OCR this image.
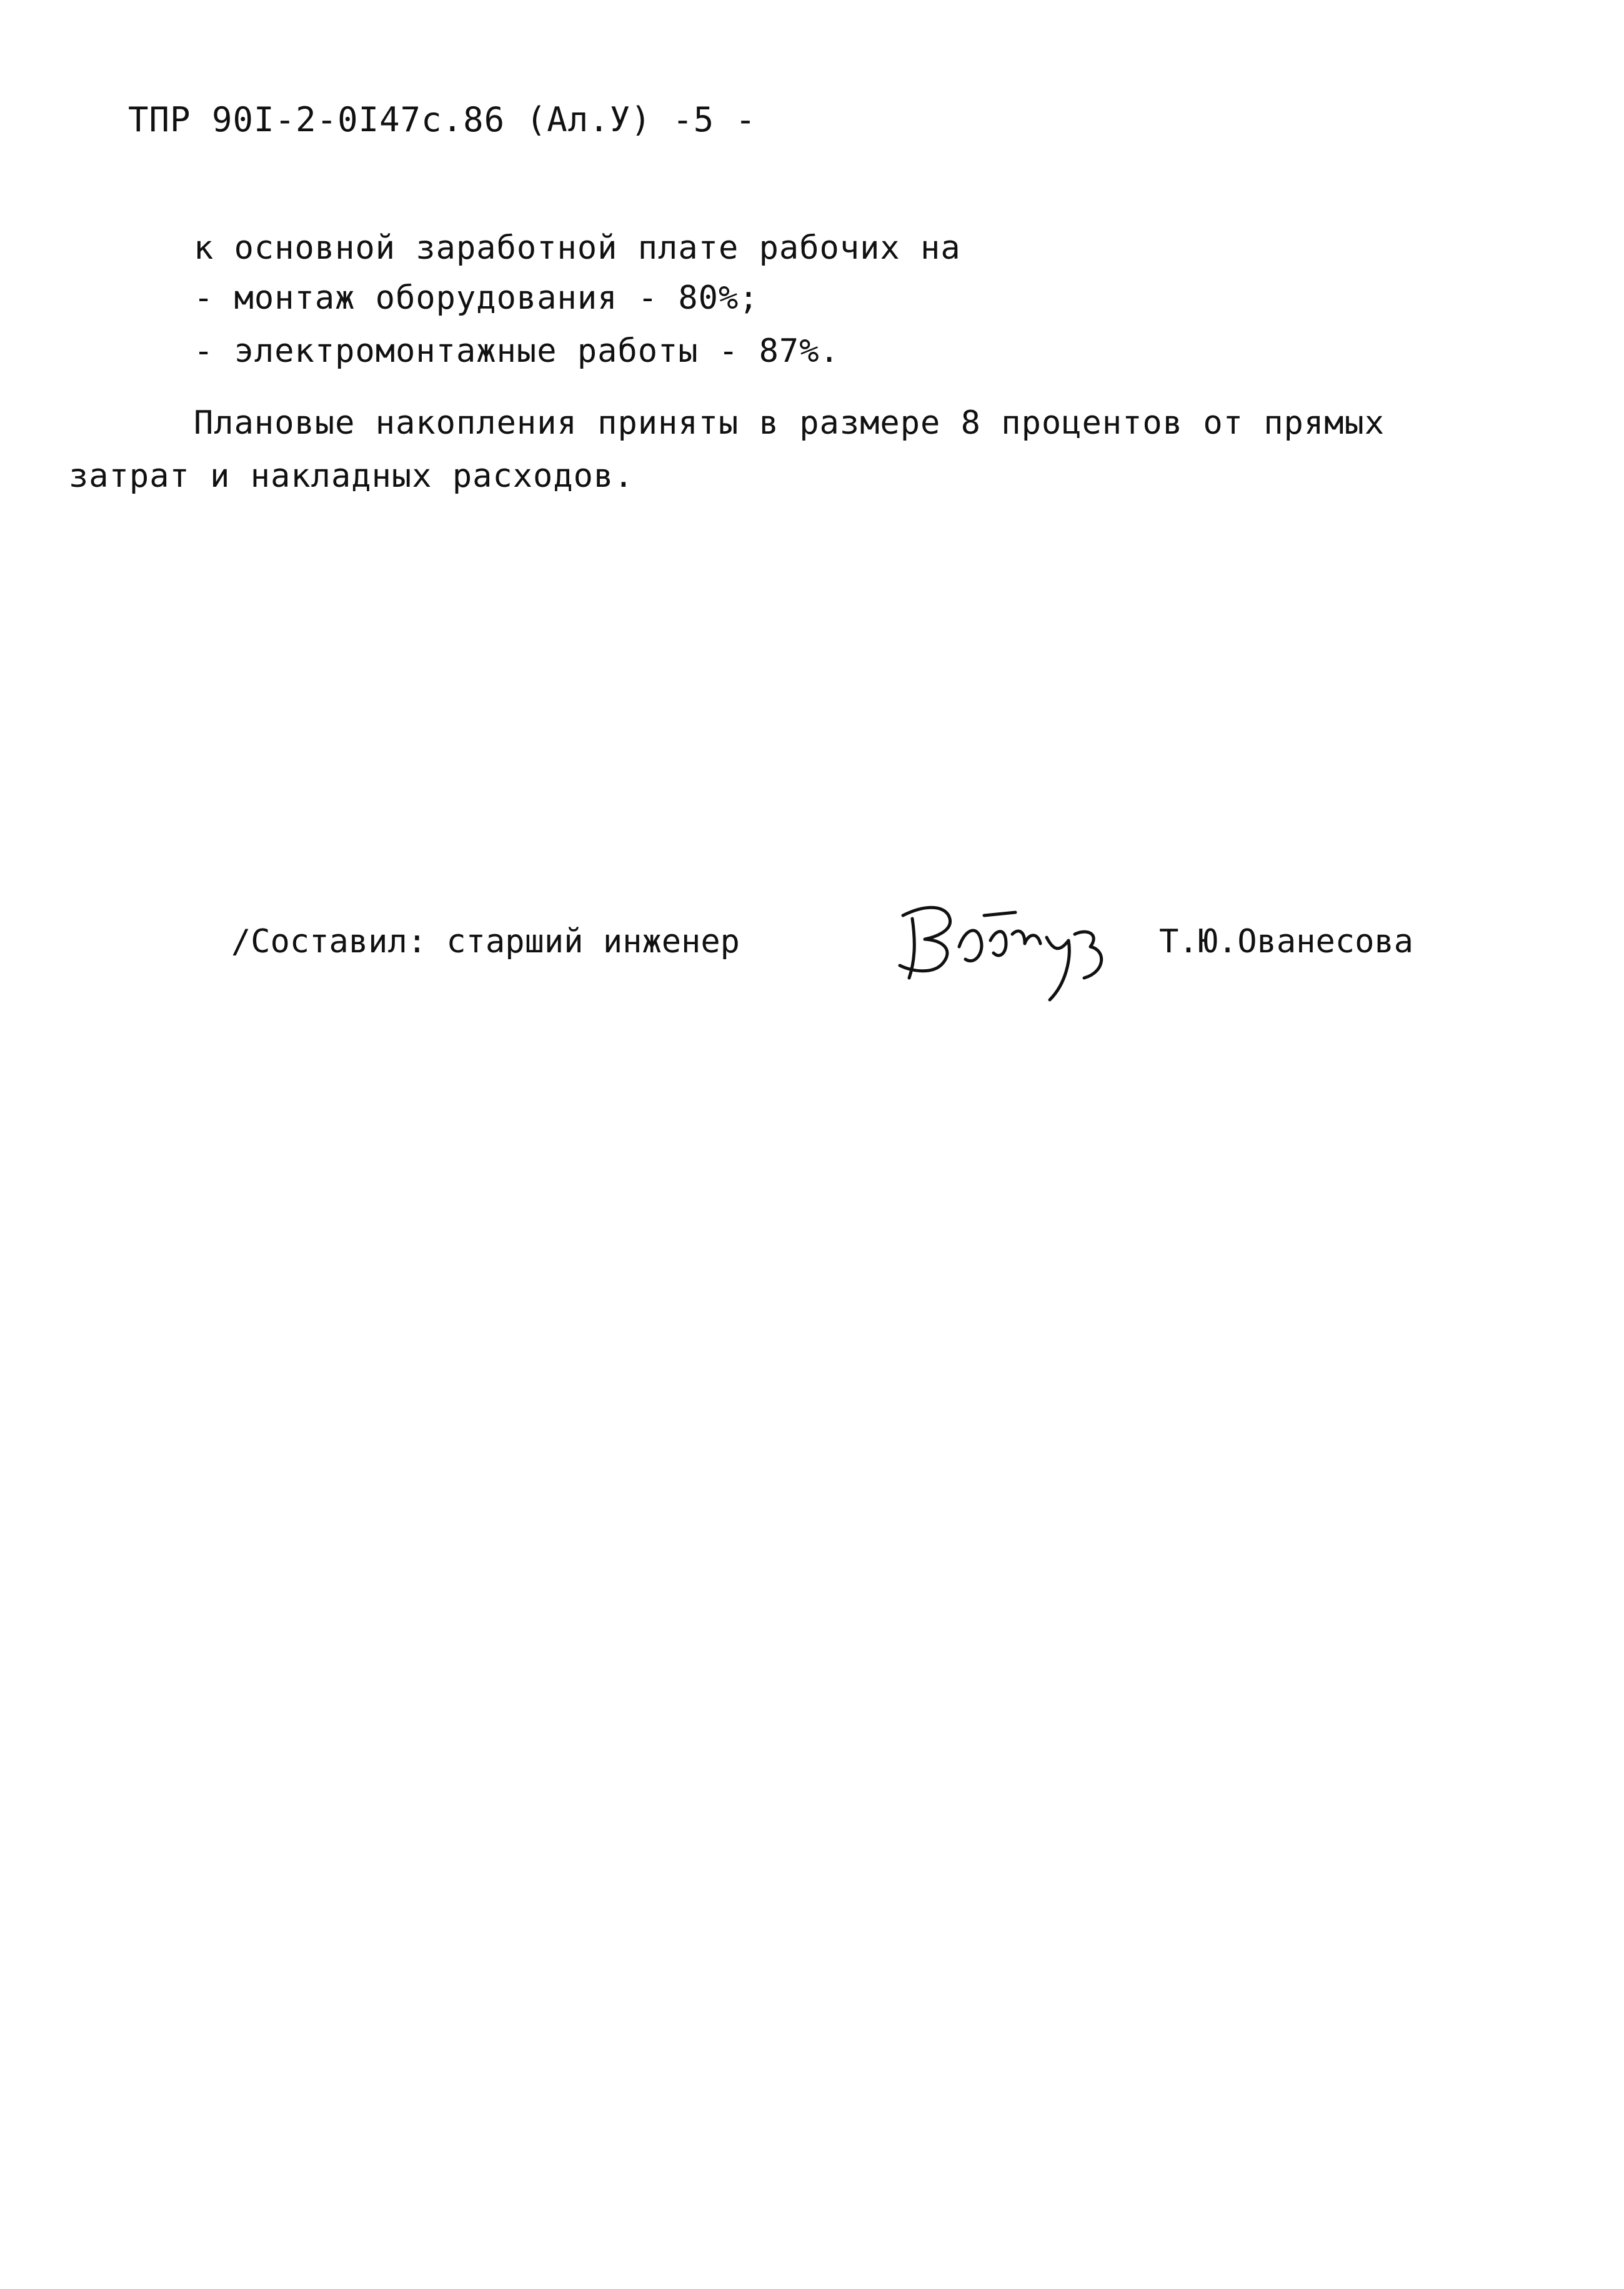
ТПР 90I-2-0I47с.86 (Ал.У) -5 -
к основной заработной плате рабочих на
- монтаж оборудования - 80%;
- электромонтажные работы - 87%.
Плановые накопления приняты в размере 8 процентов от прямых
затрат и накладных расходов.
/Составил: старший инженер	Т.Ю.Ованесова
